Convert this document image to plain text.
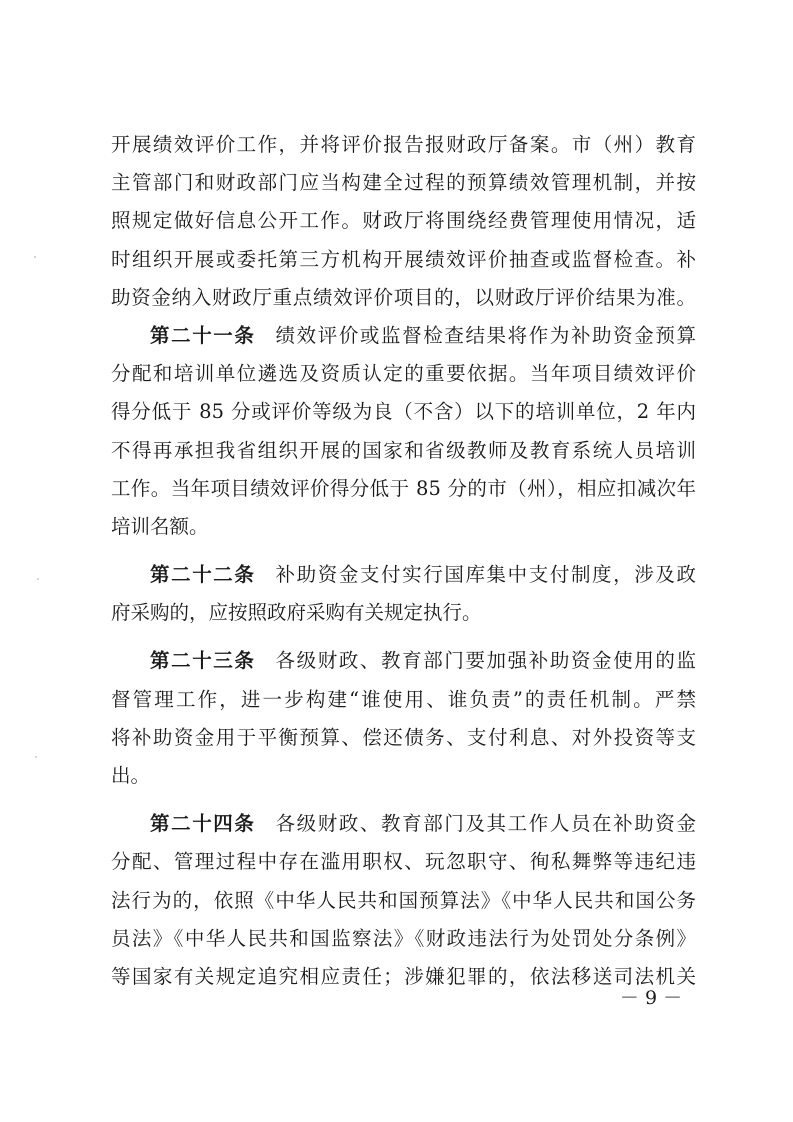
开展绩效评价工作，并将评价报告报财政厅备案。市（州）教育
主管部门和财政部门应当构建全过程的预算绩效管理机制，并按
照规定做好信息公开工作。财政厅将围绕经费管理使用情况，适
时组织开展或委托第三方机构开展绩效评价抽查或监督检查。补
助资金纳入财政厅重点绩效评价项目的，以财政厅评价结果为准。
第二十一条 绩效评价或监督检查结果将作为补助资金预算
分配和培训单位遴选及资质认定的重要依据。当年项目绩效评价
得分低于 85 分或评价等级为良（不含）以下的培训单位，2 年内
不得再承担我省组织开展的国家和省级教师及教育系统人员培训
工作。当年项目绩效评价得分低于 85 分的市（州），相应扣减次年
培训名额。
第二十二条 补助资金支付实行国库集中支付制度，涉及政
府采购的，应按照政府采购有关规定执行。
第二十三条 各级财政、教育部门要加强补助资金使用的监
督管理工作，进一步构建“谁使用、谁负责”的责任机制。严禁
将补助资金用于平衡预算、偿还债务、支付利息、对外投资等支
出。
第二十四条 各级财政、教育部门及其工作人员在补助资金
分配、管理过程中存在滥用职权、玩忽职守、徇私舞弊等违纪违
法行为的，依照《中华人民共和国预算法》《中华人民共和国公务
员法》《中华人民共和国监察法》《财政违法行为处罚处分条例》
等国家有关规定追究相应责任；涉嫌犯罪的，依法移送司法机关
－ 9 －
